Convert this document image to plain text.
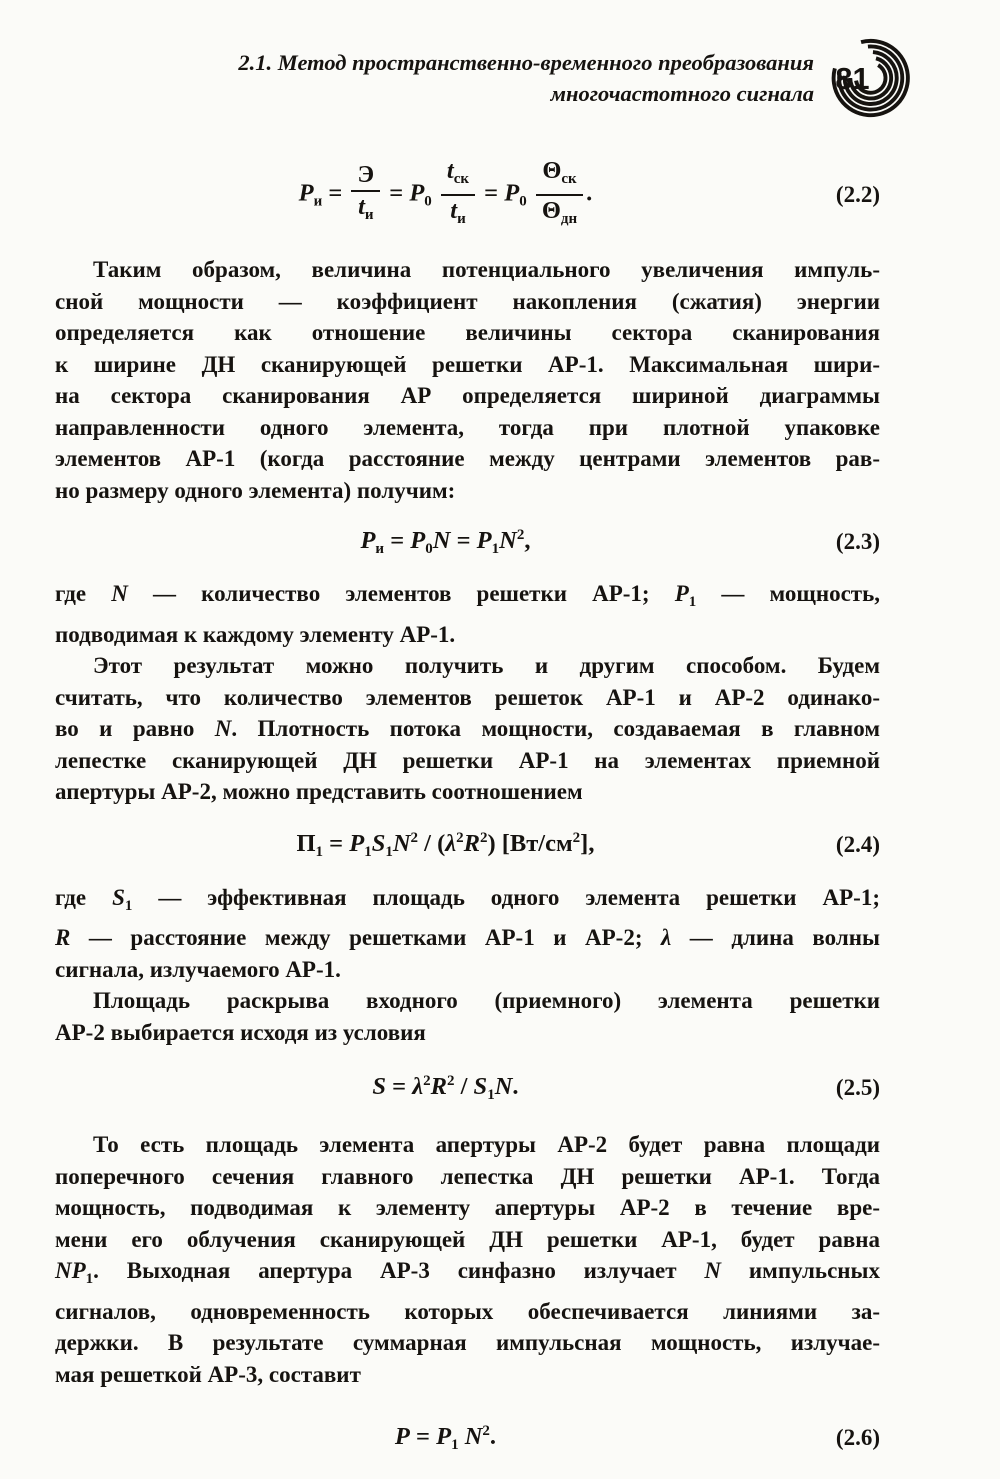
2.1. Метод пространственно-временного преобразования
многочастотного сигнала 81
$P_и = \frac{Э}{t_и} = P_0 \frac{t_{ск}}{t_и} = P_0 \frac{\Theta_{ск}}{\Theta_{дн}}$ .	(2.2)
Таким образом, величина потенциального увеличения импуль-
сной мощности — коэффициент накопления (сжатия) энергии
определяется как отношение величины сектора сканирования
к ширине ДН сканирующей решетки АР-1. Максимальная шири-
на сектора сканирования АР определяется шириной диаграммы
направленности одного элемента, тогда при плотной упаковке
элементов АР-1 (когда расстояние между центрами элементов рав-
но размеру одного элемента) получим:
$P_и = P_0N = P_1N^2$,	(2.3)
где N — количество элементов решетки АР-1; $P_1$ — мощность,
подводимая к каждому элементу АР-1.
Этот результат можно получить и другим способом. Будем
считать, что количество элементов решеток АР-1 и АР-2 одинако-
во и равно N. Плотность потока мощности, создаваемая в главном
лепестке сканирующей ДН решетки АР-1 на элементах приемной
апертуры АР-2, можно представить соотношением
$П_1 = P_1S_1N^2 / (\lambda^2R^2)$ $[Вт/см^2]$,	(2.4)
где $S_1$ — эффективная площадь одного элемента решетки АР-1;
R — расстояние между решетками АР-1 и АР-2; λ — длина волны
сигнала, излучаемого АР-1.
Площадь раскрыва входного (приемного) элемента решетки
АР-2 выбирается исходя из условия
$S = \lambda^2R^2 / S_1N$.	(2.5)
То есть площадь элемента апертуры АР-2 будет равна площади
поперечного сечения главного лепестка ДН решетки АР-1. Тогда
мощность, подводимая к элементу апертуры АР-2 в течение вре-
мени его облучения сканирующей ДН решетки АР-1, будет равна
$NP_1$. Выходная апертура АР-3 синфазно излучает N импульсных
сигналов, одновременность которых обеспечивается линиями за-
держки. В результате суммарная импульсная мощность, излучае-
мая решеткой АР-3, составит
$P = P_1$ $N^2$.	(2.6)
